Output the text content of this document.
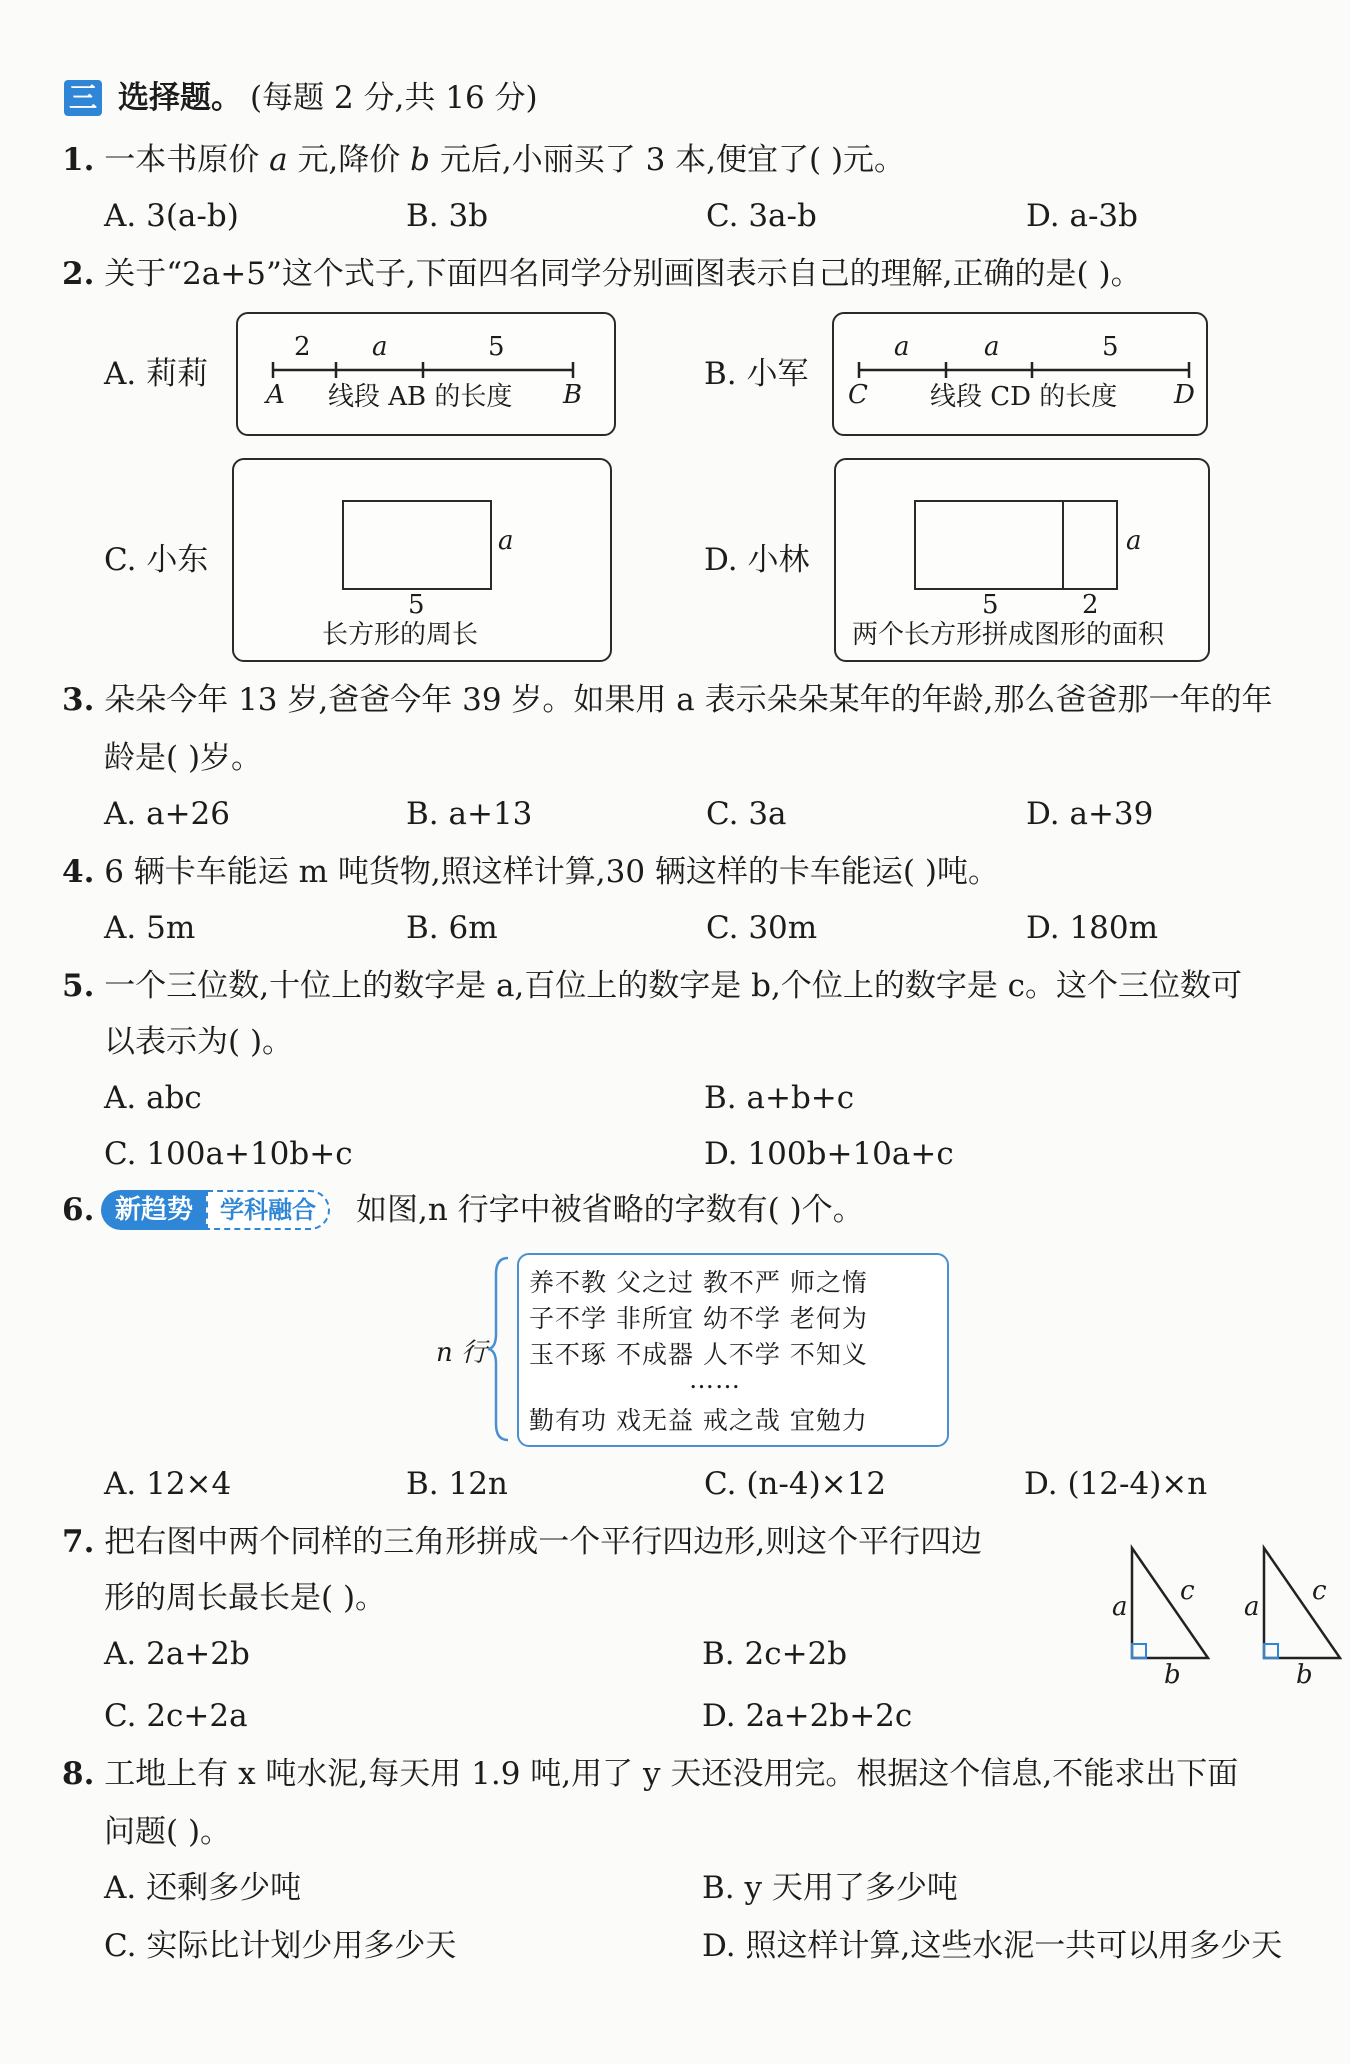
三 选择题。 (每题 2 分,共 16 分)
1. 一本书原价 a 元,降价 b 元后,小丽买了 3 本,便宜了( )元。
A. 3(a-b)	B. 3b	C. 3a-b	D. a-3b
2. 关于“2a+5”这个式子,下面四名同学分别画图表示自己的理解,正确的是( )。
A. 莉莉
2 a	5
A	B
线段 AB 的长度
B. 小军
a	a	5
C	D
线段 CD 的长度
C. 小东
a
5
长方形的周长
D. 小林
a
5	2
两个长方形拼成图形的面积
3. 朵朵今年 13 岁,爸爸今年 39 岁。如果用 a 表示朵朵某年的年龄,那么爸爸那一年的年
龄是( )岁。
A. a+26	B. a+13	C. 3a	D. a+39
4. 6 辆卡车能运 m 吨货物,照这样计算,30 辆这样的卡车能运( )吨。
A. 5m	B. 6m	C. 30m	D. 180m
5. 一个三位数,十位上的数字是 a,百位上的数字是 b,个位上的数字是 c。这个三位数可
以表示为( )。
A. abc	B. a+b+c
C. 100a+10b+c	D. 100b+10a+c
6. 新趋势	学科融合	如图,n 行字中被省略的字数有( )个。
n 行
养不教 父之过 教不严 师之惰
子不学 非所宜 幼不学 老何为
玉不琢 不成器 人不学 不知义
……
勤有功 戏无益 戒之哉 宜勉力
A. 12×4	B. 12n	C. (n-4)×12	D. (12-4)×n
7. 把右图中两个同样的三角形拼成一个平行四边形,则这个平行四边
形的周长最长是( )。	a
c
b
a
c
b
A. 2a+2b	B. 2c+2b
C. 2c+2a	D. 2a+2b+2c
8. 工地上有 x 吨水泥,每天用 1.9 吨,用了 y 天还没用完。根据这个信息,不能求出下面
问题( )。
A. 还剩多少吨	B. y 天用了多少吨
C. 实际比计划少用多少天	D. 照这样计算,这些水泥一共可以用多少天
